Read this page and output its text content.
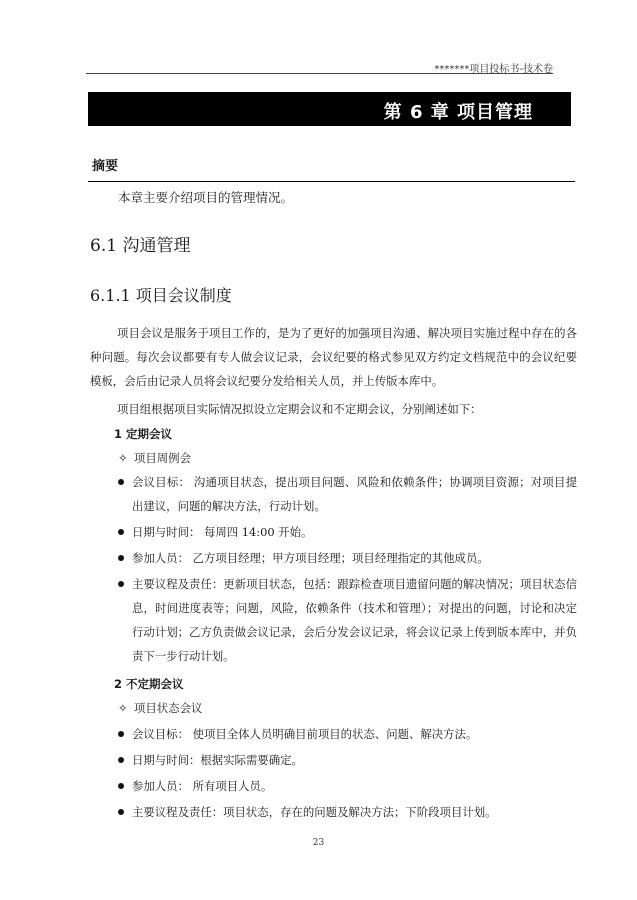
*******项目投标书-技术卷
第 6 章 项目管理
摘要
本章主要介绍项目的管理情况。
6.1 沟通管理
6.1.1 项目会议制度

项目会议是服务于项目工作的，是为了更好的加强项目沟通、解决项目实施过程中存在的各种问题。每次会议都要有专人做会议记录，会议纪要的格式参见双方约定文档规范中的会议纪要模板，会后由记录人员将会议纪要分发给相关人员，并上传版本库中。

项目组根据项目实际情况拟设立定期会议和不定期会议，分别阐述如下：

1 定期会议
✧ 项目周例会
会议目标： 沟通项目状态，提出项目问题、风险和依赖条件；协调项目资源；对项目提出建议，问题的解决方法，行动计划。
日期与时间： 每周四 14:00 开始。
参加人员： 乙方项目经理；甲方项目经理；项目经理指定的其他成员。
主要议程及责任：更新项目状态，包括：跟踪检查项目遗留问题的解决情况；项目状态信息，时间进度表等；问题，风险，依赖条件（技术和管理）；对提出的问题，讨论和决定行动计划；乙方负责做会议记录，会后分发会议记录，将会议记录上传到版本库中，并负责下一步行动计划。
2 不定期会议
✧ 项目状态会议
会议目标： 使项目全体人员明确目前项目的状态、问题、解决方法。
日期与时间：根据实际需要确定。
参加人员： 所有项目人员。
主要议程及责任：项目状态，存在的问题及解决方法；下阶段项目计划。
23
